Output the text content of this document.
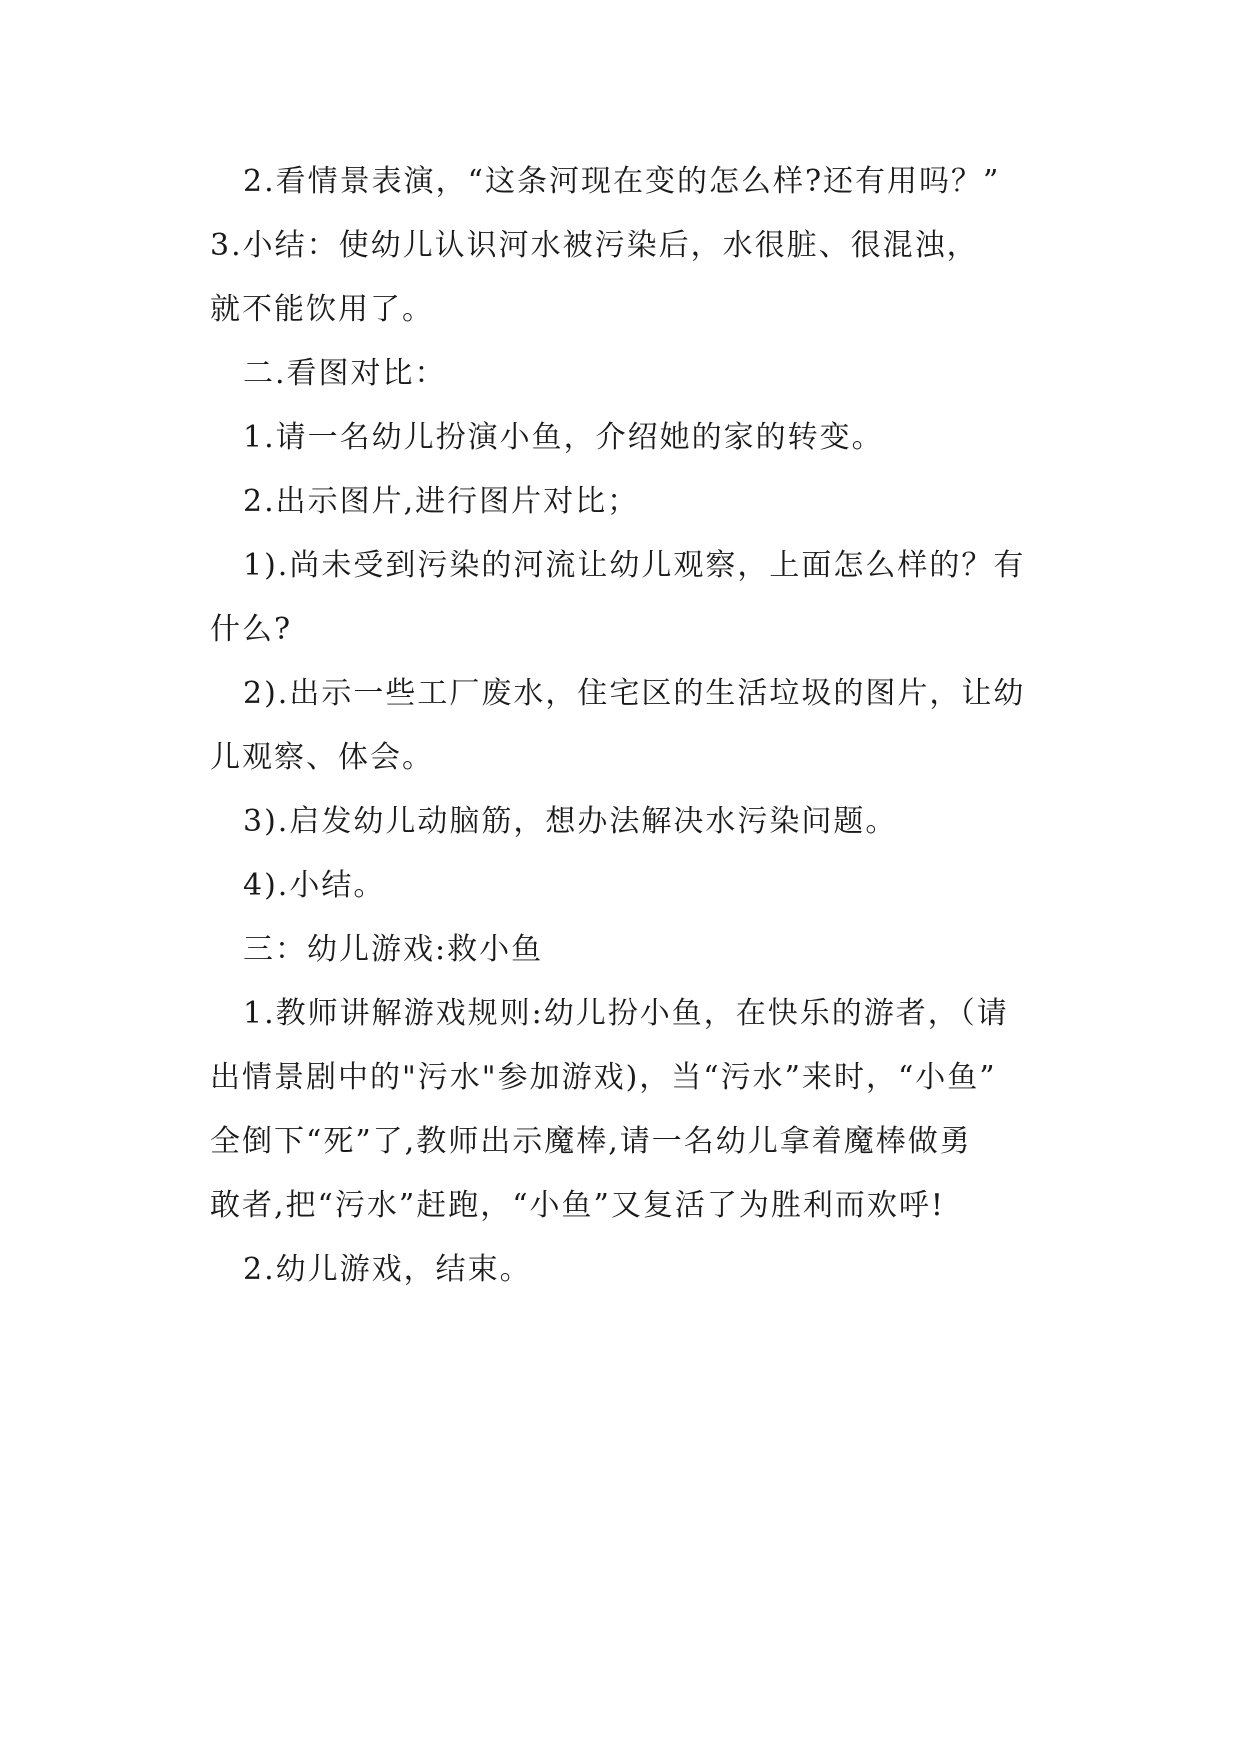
2.看情景表演，“这条河现在变的怎么样?还有用吗？”
3.小结：使幼儿认识河水被污染后，水很脏、很混浊，
就不能饮用了。
二.看图对比：
1.请一名幼儿扮演小鱼，介绍她的家的转变。
2.出示图片,进行图片对比；
1).尚未受到污染的河流让幼儿观察，上面怎么样的？有
什么?
2).出示一些工厂废水，住宅区的生活垃圾的图片，让幼
儿观察、体会。
3).启发幼儿动脑筋，想办法解决水污染问题。
4).小结。
三：幼儿游戏:救小鱼
1.教师讲解游戏规则:幼儿扮小鱼，在快乐的游者，（请
出情景剧中的"污水"参加游戏)，当“污水”来时，“小鱼”
全倒下“死”了,教师出示魔棒,请一名幼儿拿着魔棒做勇
敢者,把“污水”赶跑，“小鱼”又复活了为胜利而欢呼!
2.幼儿游戏，结束。
